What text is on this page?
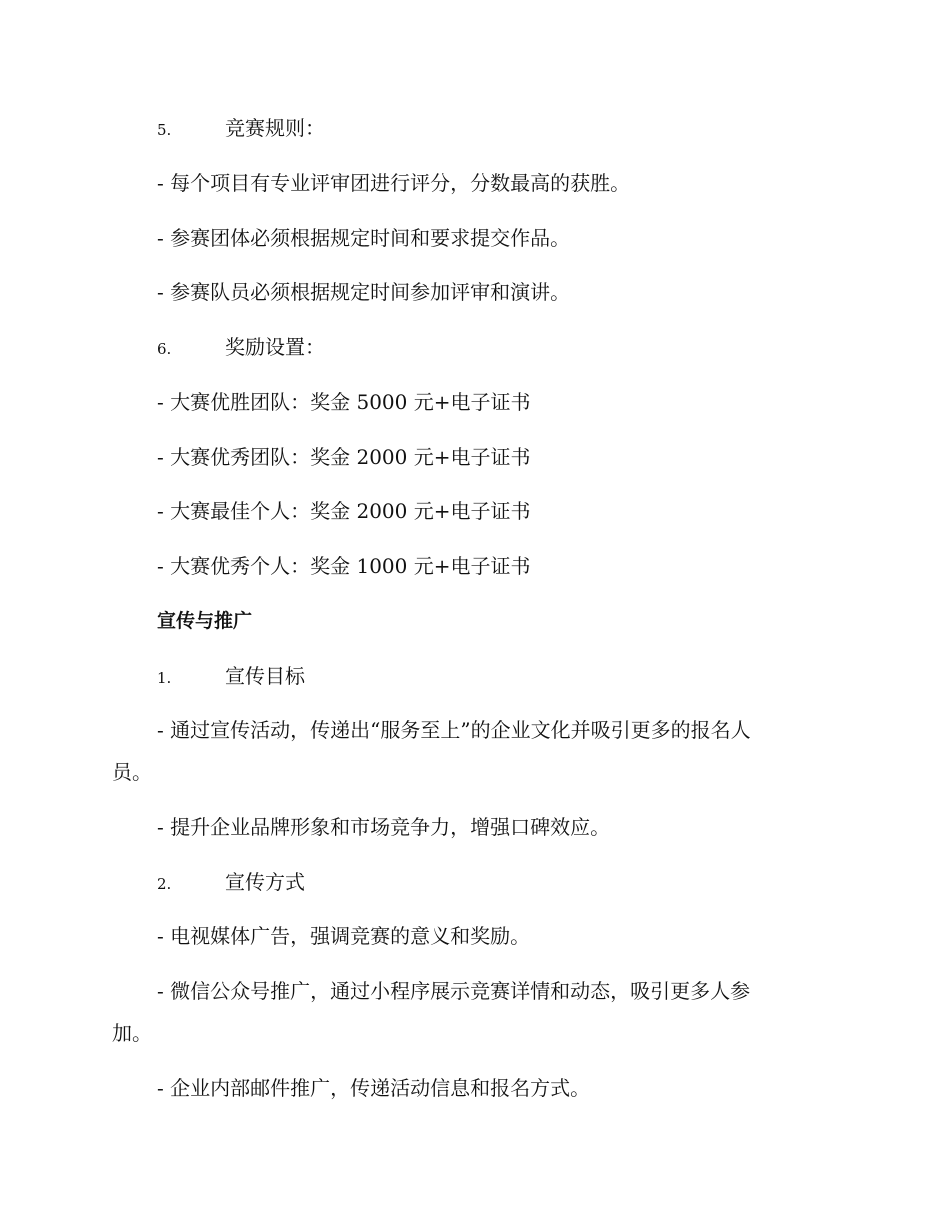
5.	竞赛规则：
- 每个项目有专业评审团进行评分，分数最高的获胜。
- 参赛团体必须根据规定时间和要求提交作品。
- 参赛队员必须根据规定时间参加评审和演讲。
6.	奖励设置：
- 大赛优胜团队：奖金 5000 元+电子证书
- 大赛优秀团队：奖金 2000 元+电子证书
- 大赛最佳个人：奖金 2000 元+电子证书
- 大赛优秀个人：奖金 1000 元+电子证书
宣传与推广
1.	宣传目标
- 通过宣传活动，传递出“服务至上”的企业文化并吸引更多的报名人
员。
- 提升企业品牌形象和市场竞争力，增强口碑效应。
2.	宣传方式
- 电视媒体广告，强调竞赛的意义和奖励。
- 微信公众号推广，通过小程序展示竞赛详情和动态，吸引更多人参
加。
- 企业内部邮件推广，传递活动信息和报名方式。
